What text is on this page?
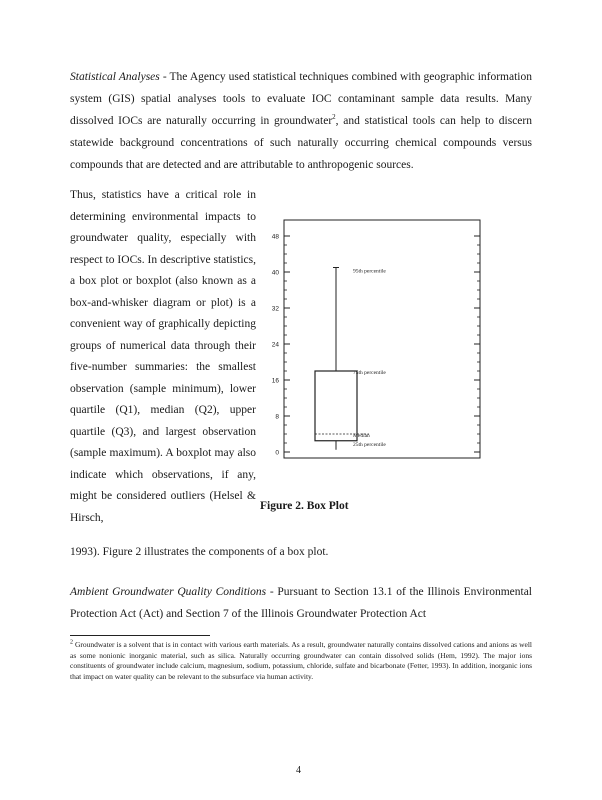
Statistical Analyses - The Agency used statistical techniques combined with geographic information system (GIS) spatial analyses tools to evaluate IOC contaminant sample data results. Many dissolved IOCs are naturally occurring in groundwater$^2$, and statistical tools can help to discern statewide background concentrations of such naturally occurring chemical compounds versus compounds that are detected and are attributable to anthropogenic sources.

Thus, statistics have a critical role in determining environmental impacts to groundwater quality, especially with respect to IOCs. In descriptive statistics, a box plot or boxplot (also known as a box-and-whisker diagram or plot) is a convenient way of graphically depicting groups of numerical data through their five-number summaries: the smallest observation (sample minimum), lower quartile (Q1), median (Q2), upper quartile (Q3), and largest observation (sample maximum). A boxplot may also indicate which observations, if any, might be considered outliers (Helsel & Hirsch,

0
8
16
24
32
40
48
95th percentile
75th percentile
Median
25th percentile
Figure 2. Box Plot

1993). Figure 2 illustrates the components of a box plot.

Ambient Groundwater Quality Conditions - Pursuant to Section 13.1 of the Illinois Environmental Protection Act (Act) and Section 7 of the Illinois Groundwater Protection Act

$^2$ Groundwater is a solvent that is in contact with various earth materials. As a result, groundwater naturally contains dissolved cations and anions as well as some nonionic inorganic material, such as silica. Naturally occurring groundwater can contain dissolved solids (Hem, 1992). The major ions constituents of groundwater include calcium, magnesium, sodium, potassium, chloride, sulfate and bicarbonate (Fetter, 1993). In addition, inorganic ions that impact on water quality can be relevant to the subsurface via human activity.

4
